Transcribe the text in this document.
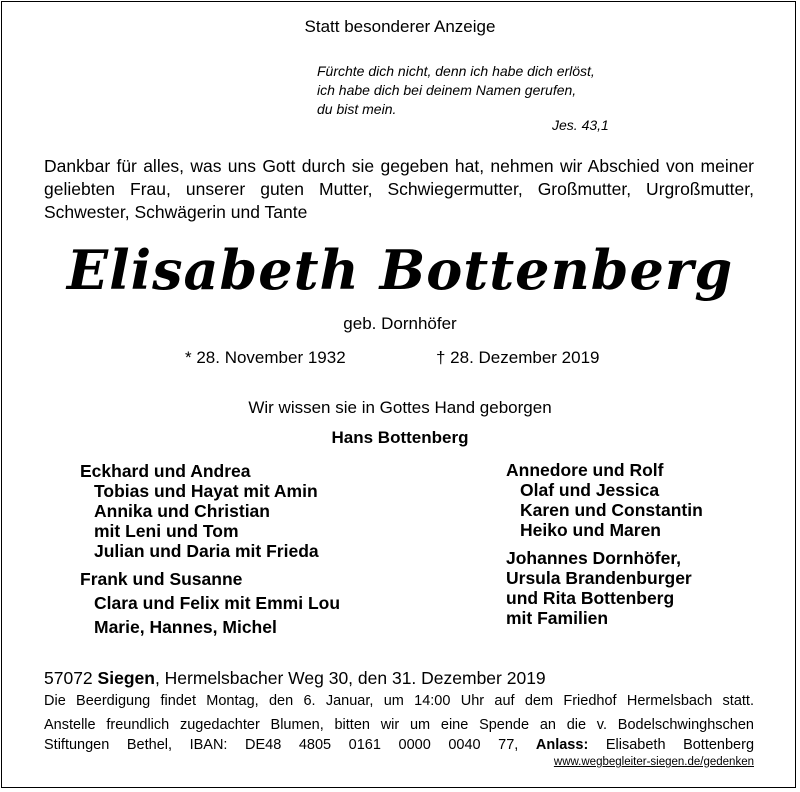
Statt besonderer Anzeige
Fürchte dich nicht, denn ich habe dich erlöst,
ich habe dich bei deinem Namen gerufen,
du bist mein.
Jes. 43,1
Dankbar für alles, was uns Gott durch sie gegeben hat, nehmen wir Abschied von meiner geliebten Frau, unserer guten Mutter, Schwiegermutter, Großmutter, Urgroßmutter, Schwester, Schwägerin und Tante
Elisabeth Bottenberg
geb. Dornhöfer
* 28. November 1932	† 28. Dezember 2019
Wir wissen sie in Gottes Hand geborgen
Hans Bottenberg
Eckhard und Andrea
Tobias und Hayat mit Amin
Annika und Christian
mit Leni und Tom
Julian und Daria mit Frieda
Frank und Susanne
Clara und Felix mit Emmi Lou
Marie, Hannes, Michel
Annedore und Rolf
Olaf und Jessica
Karen und Constantin
Heiko und Maren
Johannes Dornhöfer,
Ursula Brandenburger
und Rita Bottenberg
mit Familien
57072 Siegen, Hermelsbacher Weg 30, den 31. Dezember 2019
Die Beerdigung findet Montag, den 6. Januar, um 14:00 Uhr auf dem Friedhof Hermelsbach statt.
Anstelle freundlich zugedachter Blumen, bitten wir um eine Spende an die v. Bodelschwinghschen
Stiftungen Bethel, IBAN: DE48 4805 0161 0000 0040 77, Anlass: Elisabeth Bottenberg
www.wegbegleiter-siegen.de/gedenken
